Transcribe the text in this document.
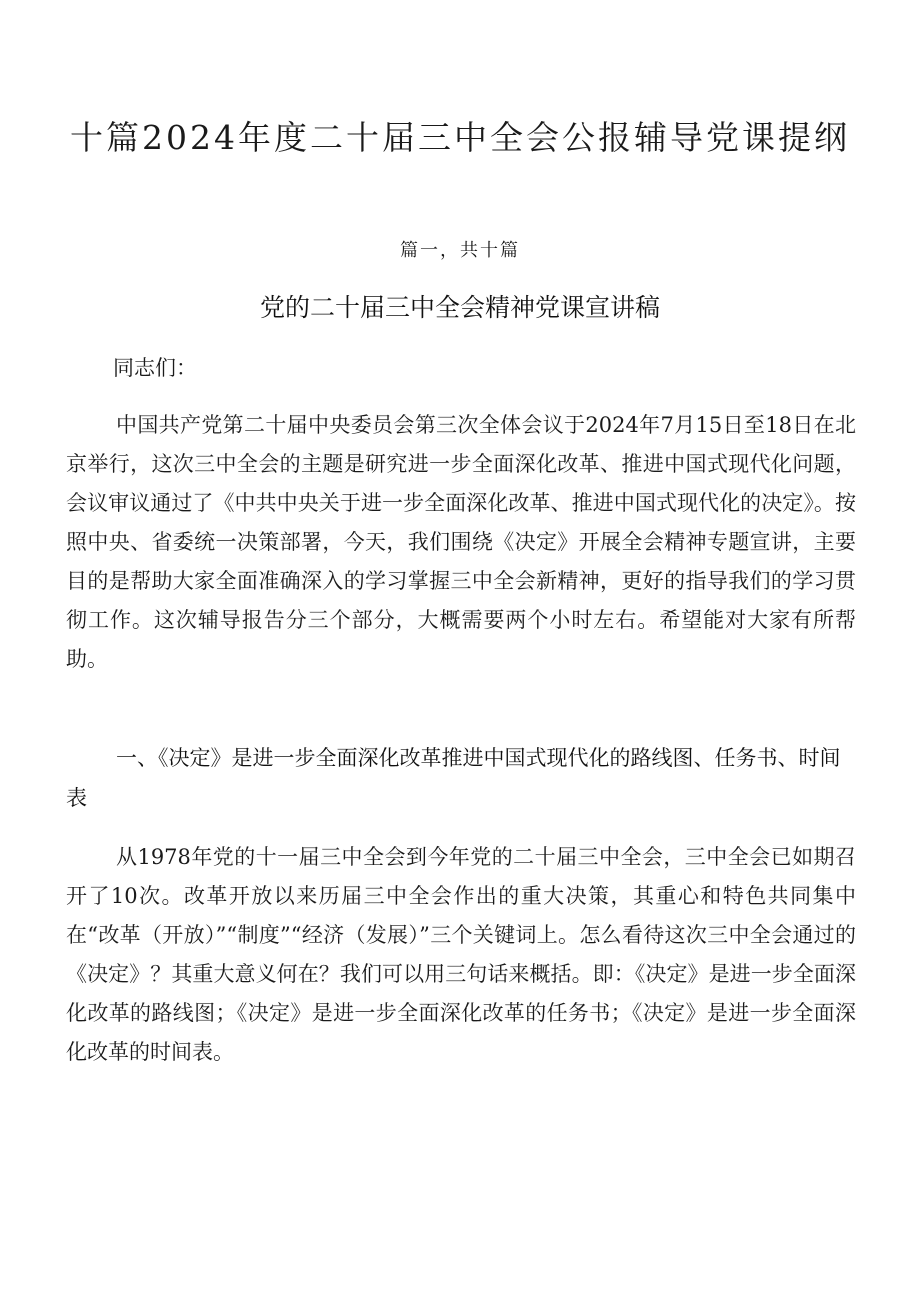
十篇2024年度二十届三中全会公报辅导党课提纲
篇一，共十篇
党的二十届三中全会精神党课宣讲稿
同志们：

中国共产党第二十届中央委员会第三次全体会议于2024年7月15日至18日在北京举行，这次三中全会的主题是研究进一步全面深化改革、推进中国式现代化问题，会议审议通过了《中共中央关于进一步全面深化改革、推进中国式现代化的决定》。按照中央、省委统一决策部署，今天，我们围绕《决定》开展全会精神专题宣讲，主要目的是帮助大家全面准确深入的学习掌握三中全会新精神，更好的指导我们的学习贯彻工作。这次辅导报告分三个部分，大概需要两个小时左右。希望能对大家有所帮助。

一、《决定》是进一步全面深化改革推进中国式现代化的路线图、任务书、时间表

从1978年党的十一届三中全会到今年党的二十届三中全会，三中全会已如期召开了10次。改革开放以来历届三中全会作出的重大决策，其重心和特色共同集中在“改革（开放）”“制度”“经济（发展）”三个关键词上。怎么看待这次三中全会通过的《决定》？其重大意义何在？我们可以用三句话来概括。即：《决定》是进一步全面深化改革的路线图；《决定》是进一步全面深化改革的任务书；《决定》是进一步全面深化改革的时间表。
